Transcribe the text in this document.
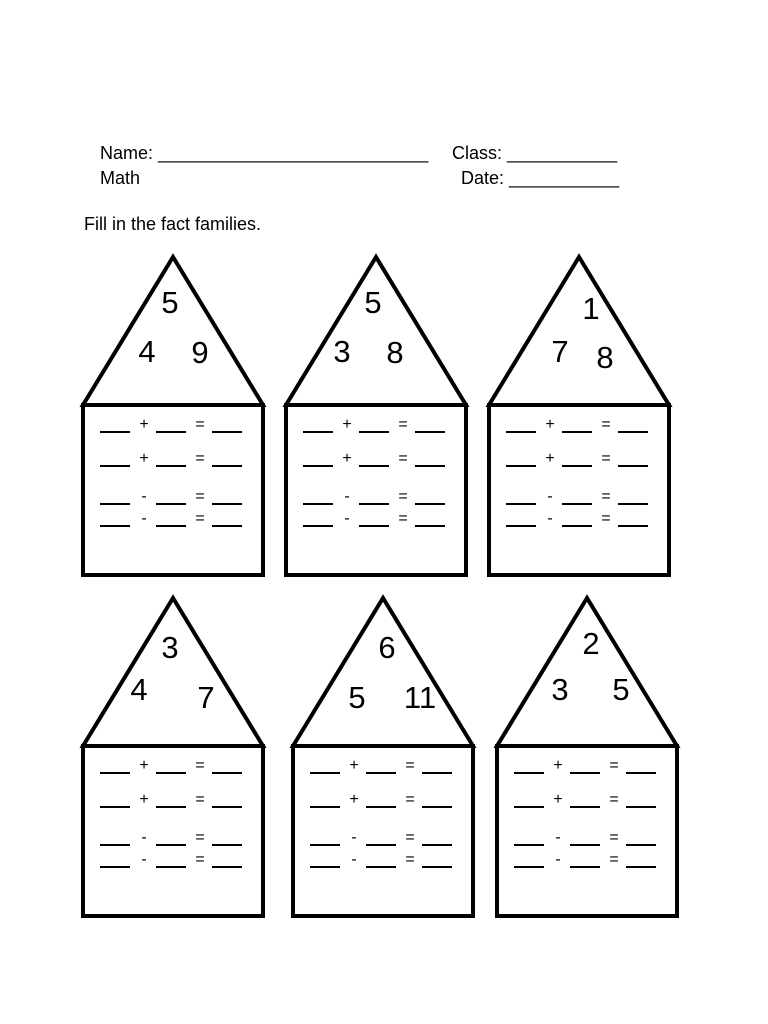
Name: ___________________________ Class: ___________
Math	Date: ___________
Fill in the fact families.
5
4 9
+	=
+	=
-	=
-	=
5
3 8
+	=
+	=
-	=
-	=
1
7 8
+	=
+	=
-	=
-	=
3
4 7
+	=
+	=
-	=
-	=
6
5 11
+	=
+	=
-	=
-	=
2
3 5
+	=
+	=
-	=
-	=
